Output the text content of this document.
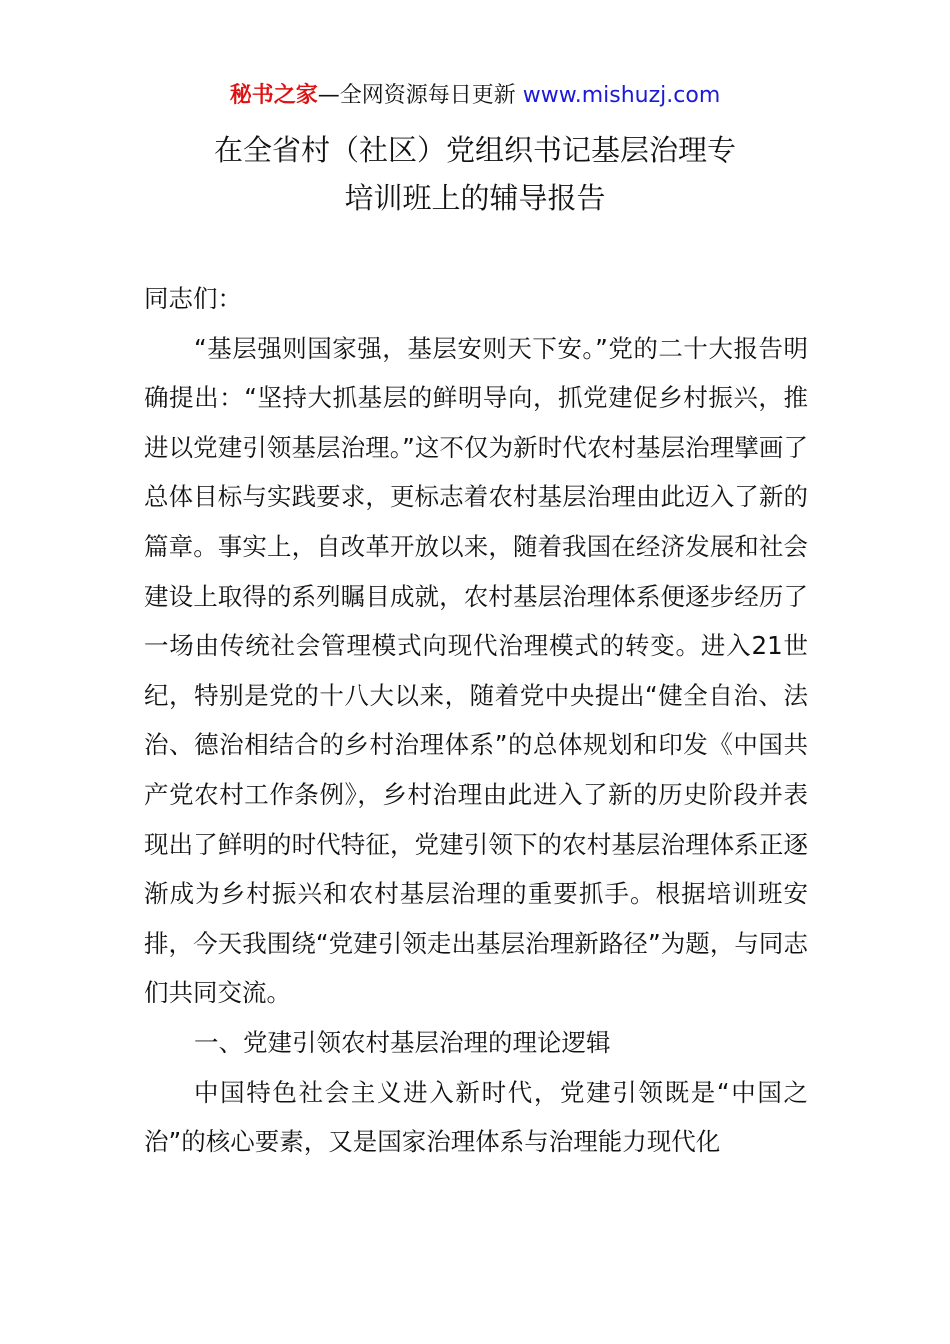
秘书之家—全网资源每日更新 www.mishuzj.com
在全省村（社区）党组织书记基层治理专
培训班上的辅导报告

同志们：

“基层强则国家强，基层安则天下安。”党的二十大报告明确提出：“坚持大抓基层的鲜明导向，抓党建促乡村振兴，推进以党建引领基层治理。”这不仅为新时代农村基层治理擘画了总体目标与实践要求，更标志着农村基层治理由此迈入了新的篇章。事实上，自改革开放以来，随着我国在经济发展和社会建设上取得的系列瞩目成就，农村基层治理体系便逐步经历了一场由传统社会管理模式向现代治理模式的转变。进入21世纪，特别是党的十八大以来，随着党中央提出“健全自治、法治、德治相结合的乡村治理体系”的总体规划和印发《中国共产党农村工作条例》，乡村治理由此进入了新的历史阶段并表现出了鲜明的时代特征，党建引领下的农村基层治理体系正逐渐成为乡村振兴和农村基层治理的重要抓手。根据培训班安排，今天我围绕“党建引领走出基层治理新路径”为题，与同志们共同交流。

一、党建引领农村基层治理的理论逻辑

中国特色社会主义进入新时代，党建引领既是“中国之治”的核心要素，又是国家治理体系与治理能力现代化
